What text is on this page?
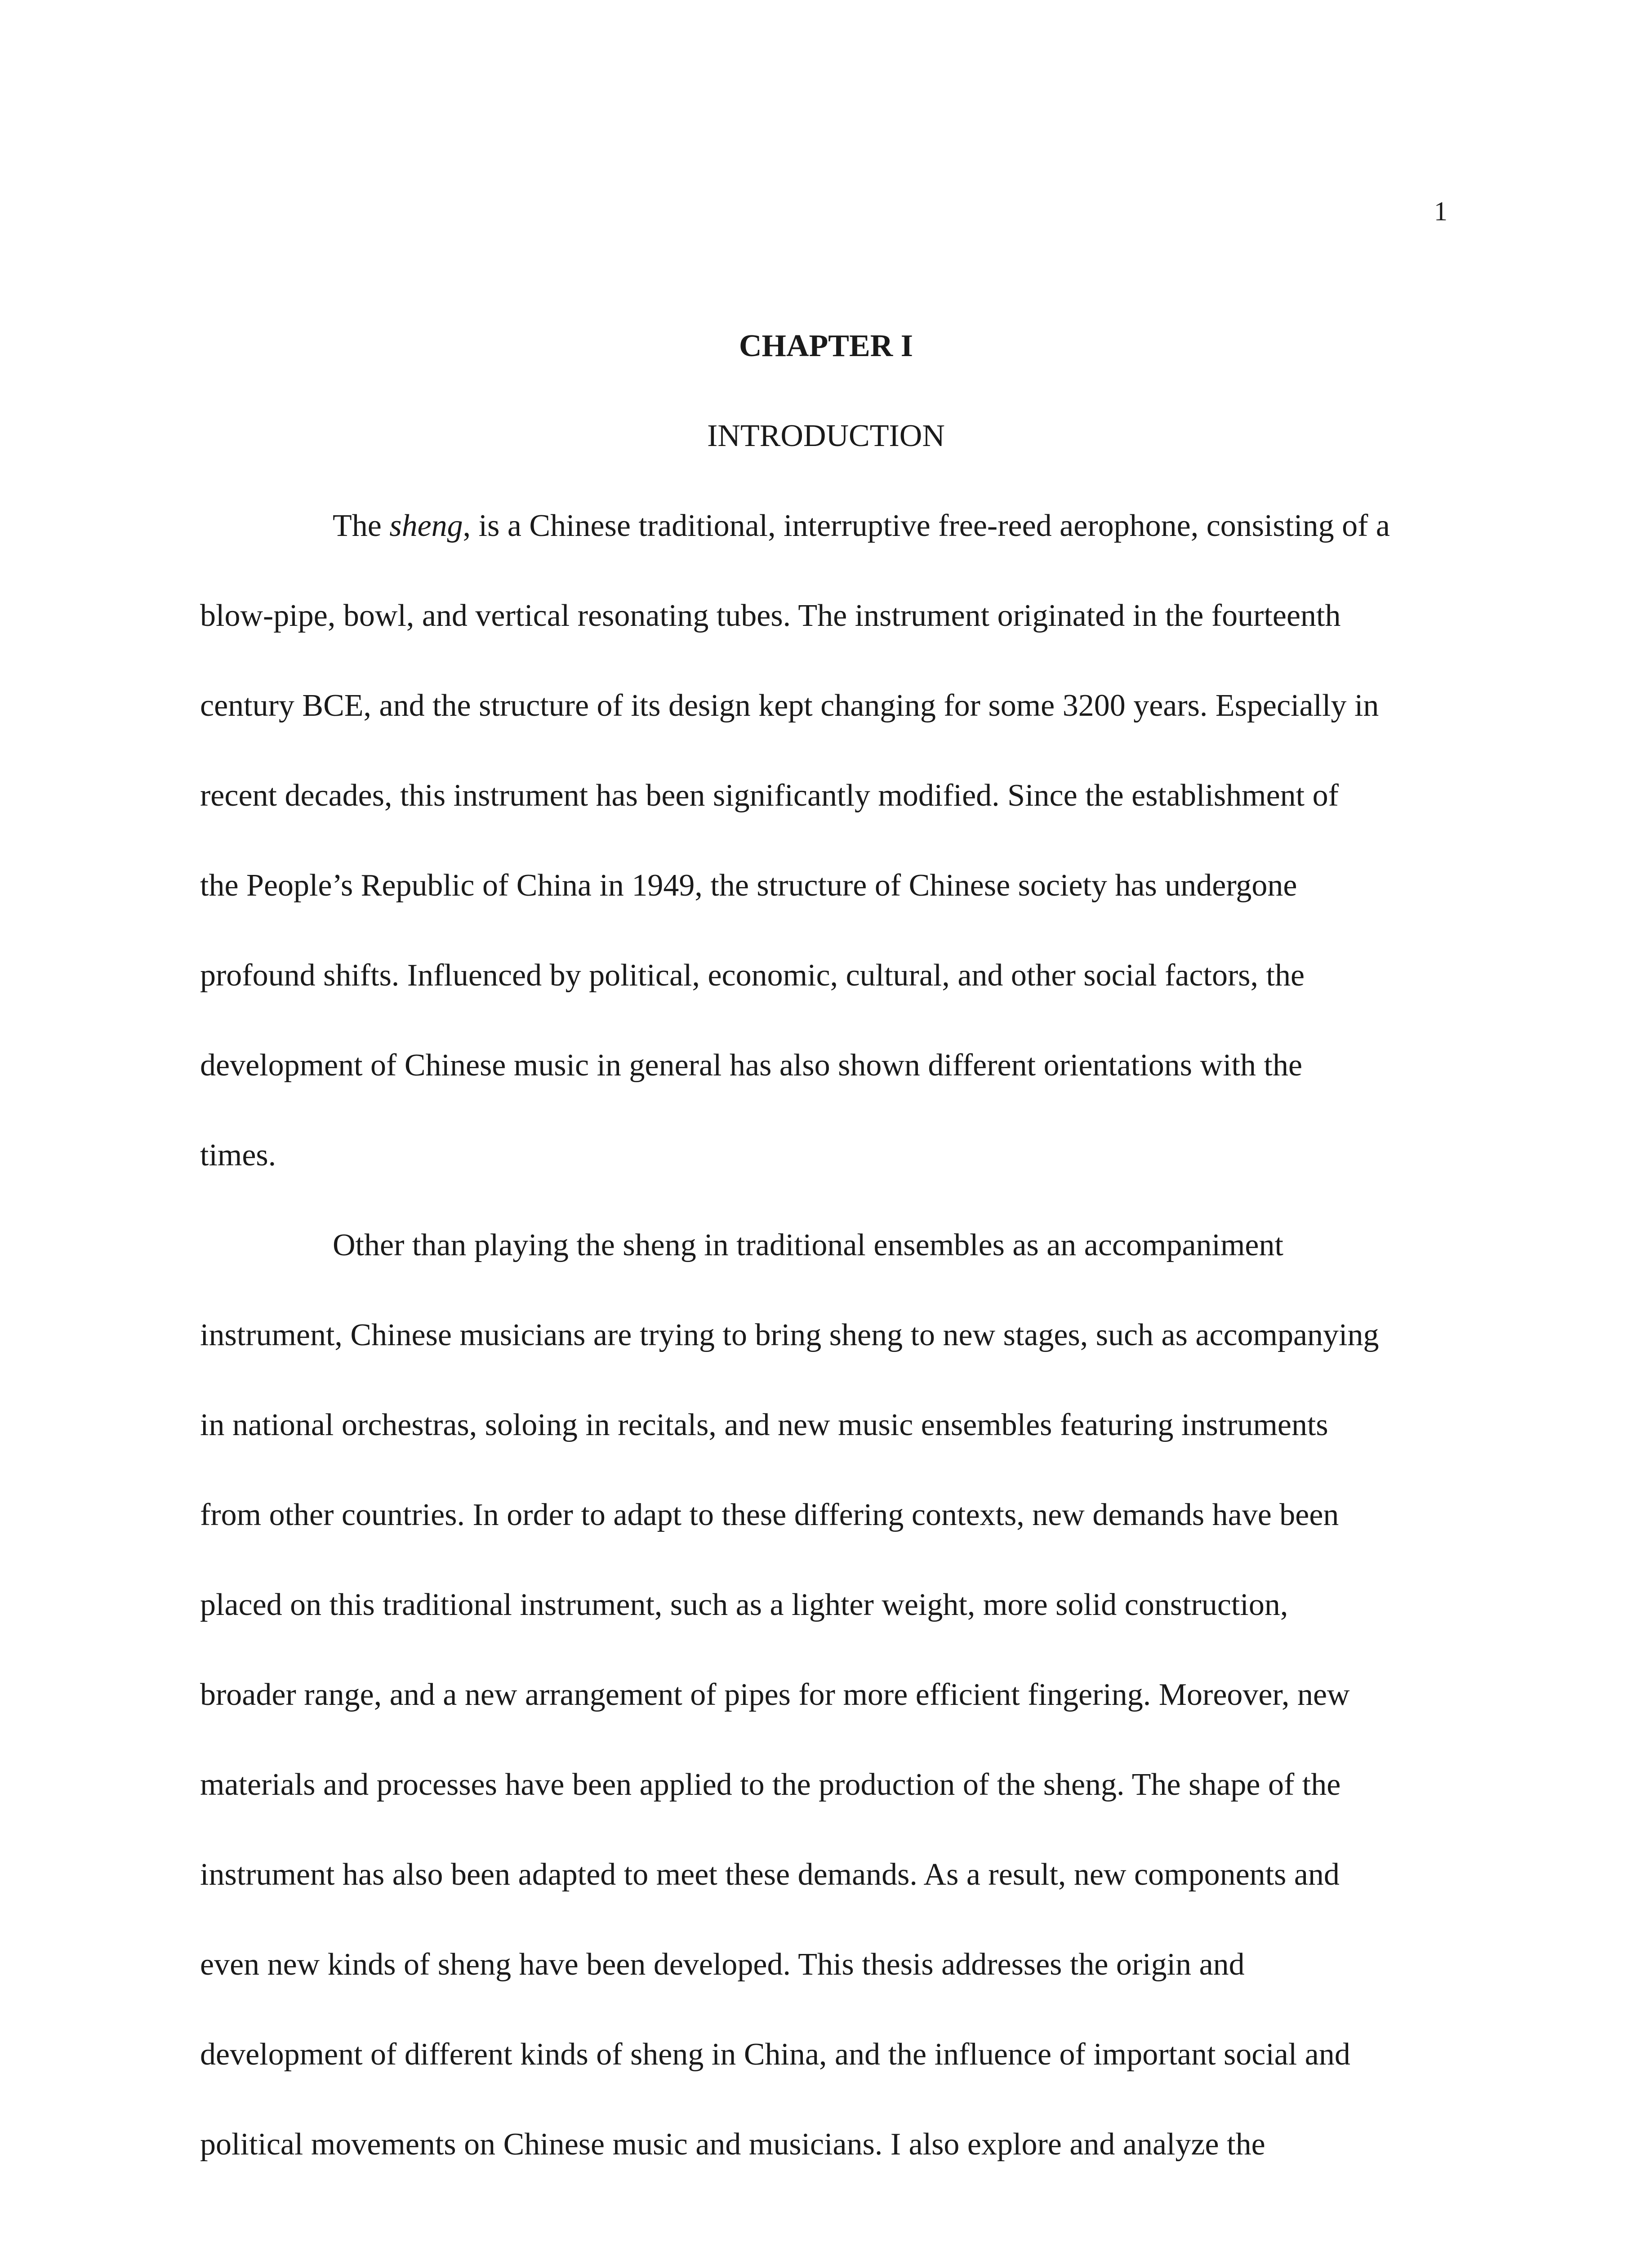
1
CHAPTER I
INTRODUCTION
The sheng, is a Chinese traditional, interruptive free-reed aerophone, consisting of a
blow-pipe, bowl, and vertical resonating tubes. The instrument originated in the fourteenth
century BCE, and the structure of its design kept changing for some 3200 years. Especially in
recent decades, this instrument has been significantly modified. Since the establishment of
the People’s Republic of China in 1949, the structure of Chinese society has undergone
profound shifts. Influenced by political, economic, cultural, and other social factors, the
development of Chinese music in general has also shown different orientations with the
times.
Other than playing the sheng in traditional ensembles as an accompaniment
instrument, Chinese musicians are trying to bring sheng to new stages, such as accompanying
in national orchestras, soloing in recitals, and new music ensembles featuring instruments
from other countries. In order to adapt to these differing contexts, new demands have been
placed on this traditional instrument, such as a lighter weight, more solid construction,
broader range, and a new arrangement of pipes for more efficient fingering. Moreover, new
materials and processes have been applied to the production of the sheng. The shape of the
instrument has also been adapted to meet these demands. As a result, new components and
even new kinds of sheng have been developed. This thesis addresses the origin and
development of different kinds of sheng in China, and the influence of important social and
political movements on Chinese music and musicians. I also explore and analyze the
